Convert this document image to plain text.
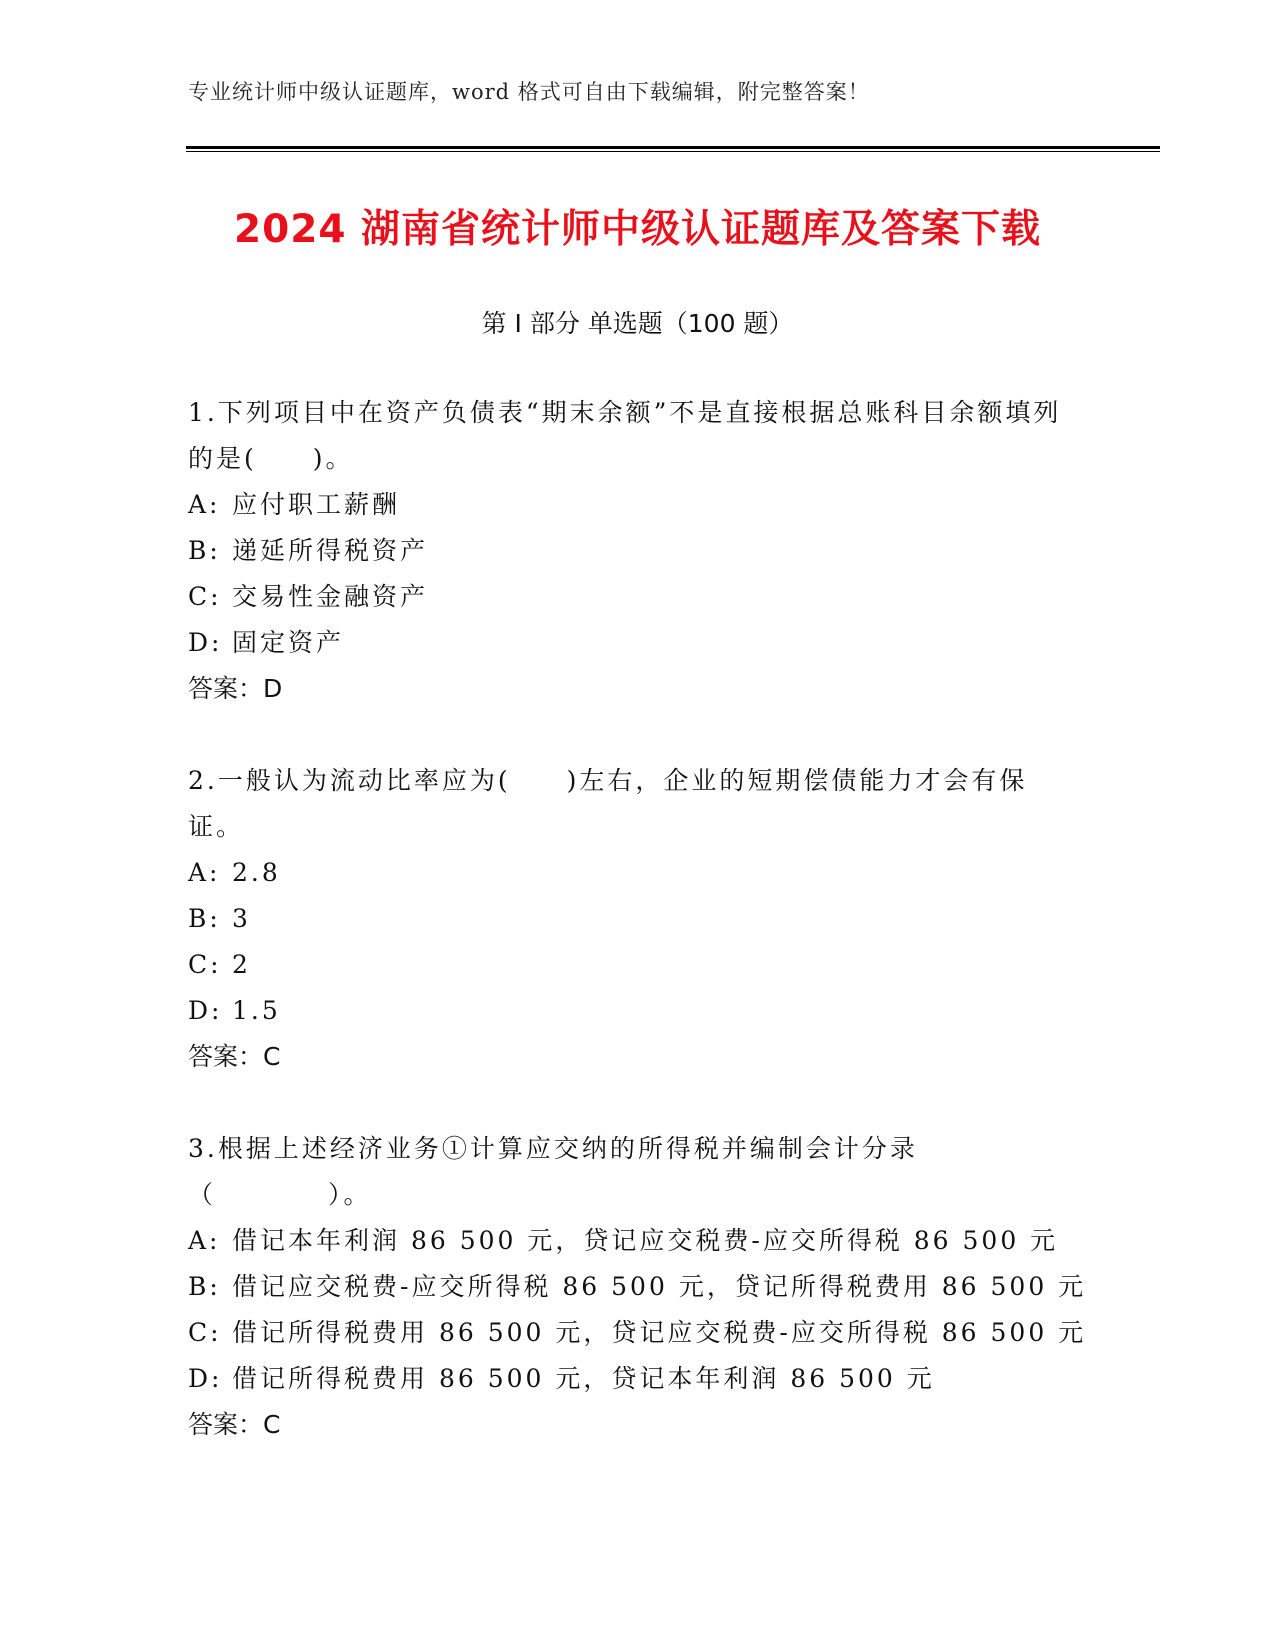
专业统计师中级认证题库，word 格式可自由下载编辑，附完整答案！
2024 湖南省统计师中级认证题库及答案下载
第 I 部分 单选题（100 题）

1.下列项目中在资产负债表“期末余额”不是直接根据总账科目余额填列的是(　　)。

A: 应付职工薪酬

B: 递延所得税资产

C: 交易性金融资产

D: 固定资产

答案：D

2.一般认为流动比率应为(　　)左右，企业的短期偿债能力才会有保证。

A: 2.8

B: 3

C: 2

D: 1.5

答案：C

3.根据上述经济业务①计算应交纳的所得税并编制会计分录（　　　　）。

A: 借记本年利润 86 500 元，贷记应交税费-应交所得税 86 500 元

B: 借记应交税费-应交所得税 86 500 元，贷记所得税费用 86 500 元

C: 借记所得税费用 86 500 元，贷记应交税费-应交所得税 86 500 元

D: 借记所得税费用 86 500 元，贷记本年利润 86 500 元

答案：C
